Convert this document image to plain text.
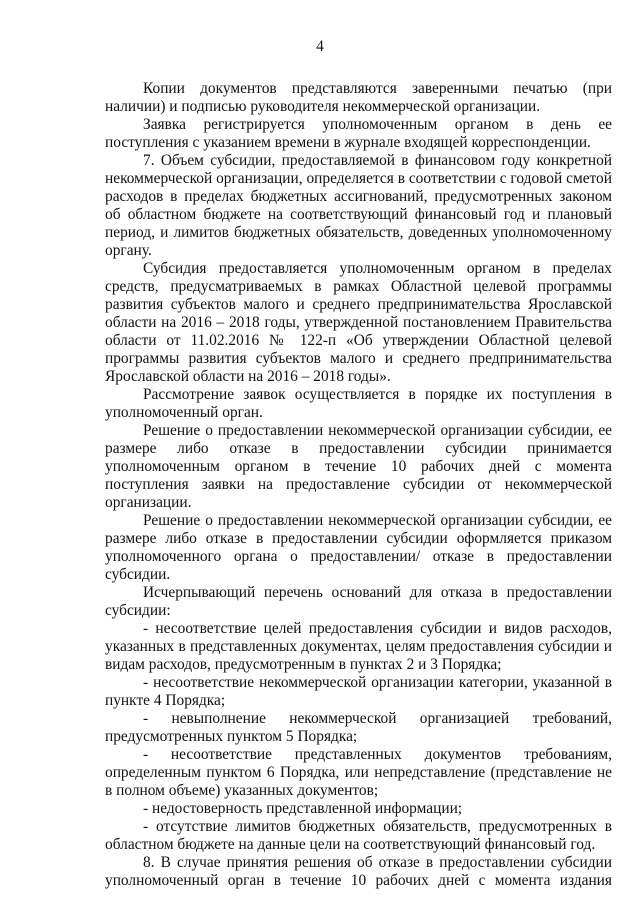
4

Копии документов представляются заверенными печатью (при наличии) и подписью руководителя некоммерческой организации.

Заявка регистрируется уполномоченным органом в день ее поступления с указанием времени в журнале входящей корреспонденции.

7. Объем субсидии, предоставляемой в финансовом году конкретной некоммерческой организации, определяется в соответствии с годовой сметой расходов в пределах бюджетных ассигнований, предусмотренных законом об областном бюджете на соответствующий финансовый год и плановый период, и лимитов бюджетных обязательств, доведенных уполномоченному органу.

Субсидия предоставляется уполномоченным органом в пределах средств, предусматриваемых в рамках Областной целевой программы развития субъектов малого и среднего предпринимательства Ярославской области на 2016 – 2018 годы, утвержденной постановлением Правительства области от 11.02.2016 № 122-п «Об утверждении Областной целевой программы развития субъектов малого и среднего предпринимательства Ярославской области на 2016 – 2018 годы».

Рассмотрение заявок осуществляется в порядке их поступления в уполномоченный орган.

Решение о предоставлении некоммерческой организации субсидии, ее размере либо отказе в предоставлении субсидии принимается уполномоченным органом в течение 10 рабочих дней с момента поступления заявки на предоставление субсидии от некоммерческой организации.

Решение о предоставлении некоммерческой организации субсидии, ее размере либо отказе в предоставлении субсидии оформляется приказом уполномоченного органа о предоставлении/ отказе в предоставлении субсидии.

Исчерпывающий перечень оснований для отказа в предоставлении субсидии:

- несоответствие целей предоставления субсидии и видов расходов, указанных в представленных документах, целям предоставления субсидии и видам расходов, предусмотренным в пунктах 2 и 3 Порядка;

- несоответствие некоммерческой организации категории, указанной в пункте 4 Порядка;

- невыполнение некоммерческой организацией требований, предусмотренных пунктом 5 Порядка;

- несоответствие представленных документов требованиям, определенным пунктом 6 Порядка, или непредставление (представление не в полном объеме) указанных документов;

- недостоверность представленной информации;

- отсутствие лимитов бюджетных обязательств, предусмотренных в областном бюджете на данные цели на соответствующий финансовый год.

8. В случае принятия решения об отказе в предоставлении субсидии уполномоченный орган в течение 10 рабочих дней с момента издания
